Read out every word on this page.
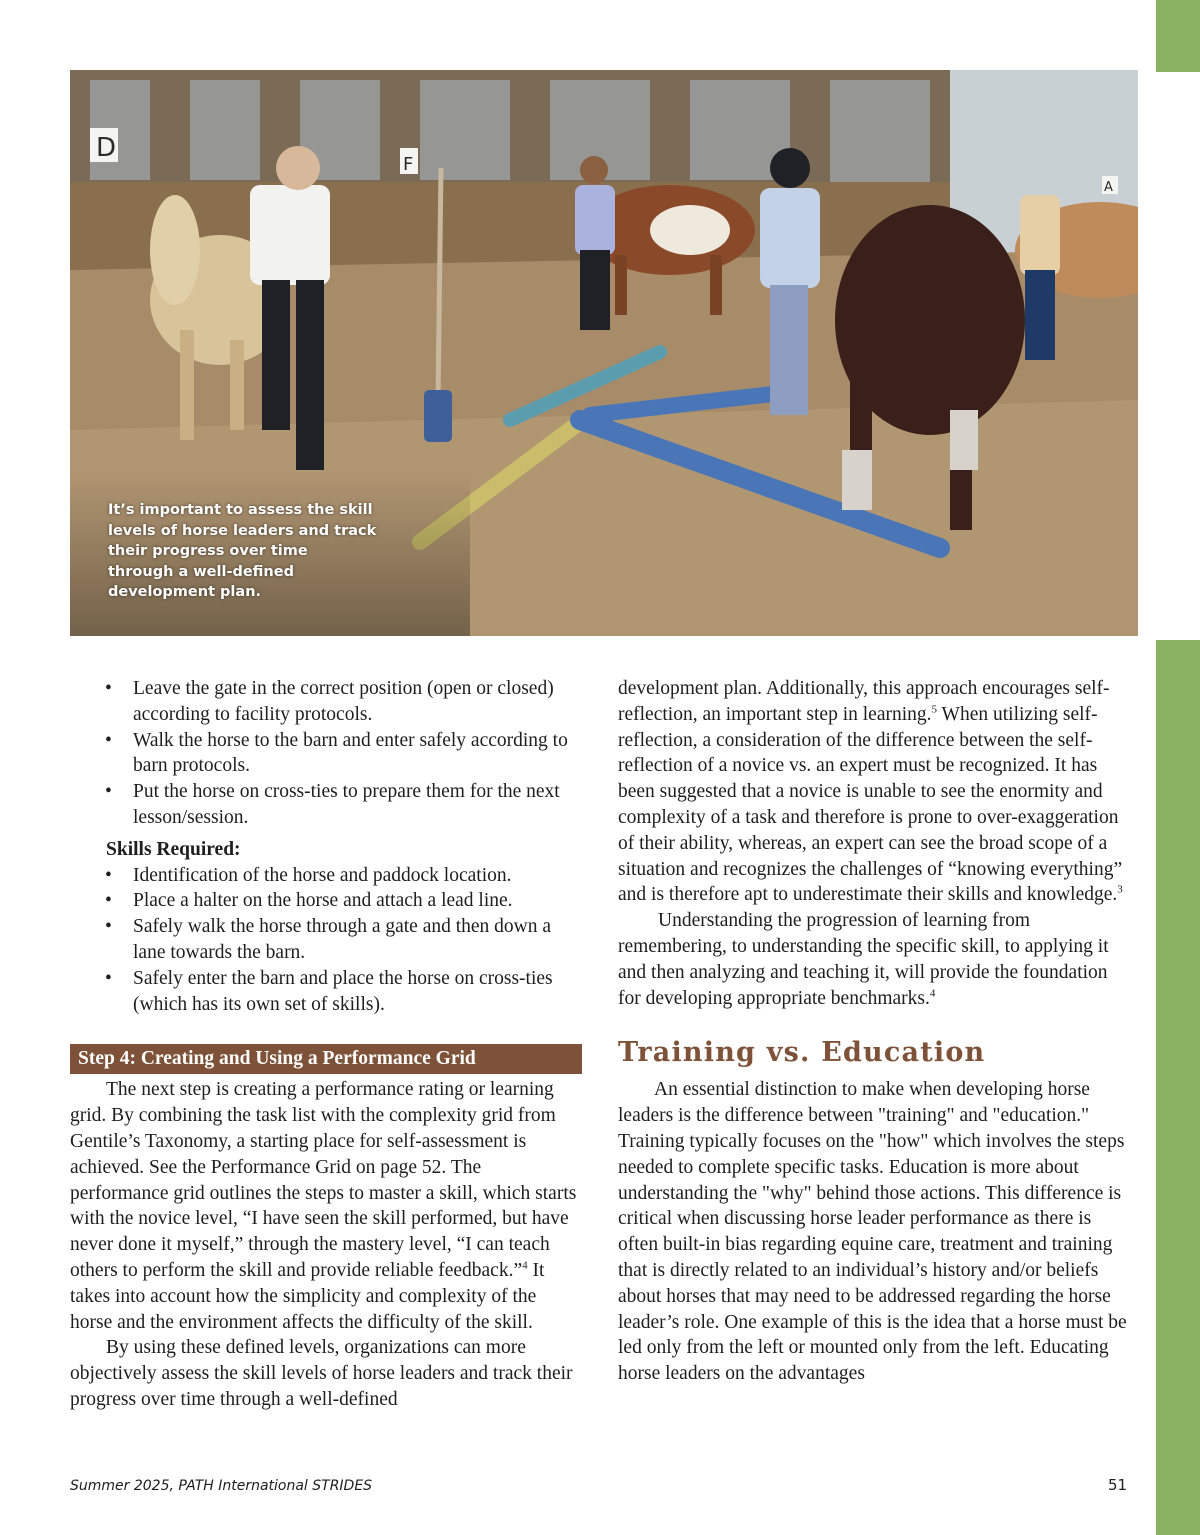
D
F
A
It’s important to assess the skill levels of horse leaders and track their progress over time through a well-defined development plan.
• Leave the gate in the correct position (open or closed) according to facility protocols.
• Walk the horse to the barn and enter safely according to barn protocols.
• Put the horse on cross-ties to prepare them for the next lesson/session.
Skills Required:
• Identification of the horse and paddock location.
• Place a halter on the horse and attach a lead line.
• Safely walk the horse through a gate and then down a lane towards the barn.
• Safely enter the barn and place the horse on cross-ties (which has its own set of skills).
Step 4: Creating and Using a Performance Grid

The next step is creating a performance rating or learning grid. By combining the task list with the complexity grid from Gentile’s Taxonomy, a starting place for self-assessment is achieved. See the Performance Grid on page 52. The performance grid outlines the steps to master a skill, which starts with the novice level, “I have seen the skill performed, but have never done it myself,” through the mastery level, “I can teach others to perform the skill and provide reliable feedback.”$^4$ It takes into account how the simplicity and complexity of the horse and the environment affects the difficulty of the skill.

By using these defined levels, organizations can more objectively assess the skill levels of horse leaders and track their progress over time through a well-defined

development plan. Additionally, this approach encourages self-reflection, an important step in learning.$^5$ When utilizing self-reflection, a consideration of the difference between the self-reflection of a novice vs. an expert must be recognized. It has been suggested that a novice is unable to see the enormity and complexity of a task and therefore is prone to over-exaggeration of their ability, whereas, an expert can see the broad scope of a situation and recognizes the challenges of “knowing everything” and is therefore apt to underestimate their skills and knowledge.$^3$

Understanding the progression of learning from remembering, to understanding the specific skill, to applying it and then analyzing and teaching it, will provide the foundation for developing appropriate benchmarks.$^4$

Training vs. Education

An essential distinction to make when developing horse leaders is the difference between "training" and "education." Training typically focuses on the "how" which involves the steps needed to complete specific tasks. Education is more about understanding the "why" behind those actions. This difference is critical when discussing horse leader performance as there is often built-in bias regarding equine care, treatment and training that is directly related to an individual’s history and/or beliefs about horses that may need to be addressed regarding the horse leader’s role. One example of this is the idea that a horse must be led only from the left or mounted only from the left. Educating horse leaders on the advantages

Summer 2025, PATH International STRIDES	51
